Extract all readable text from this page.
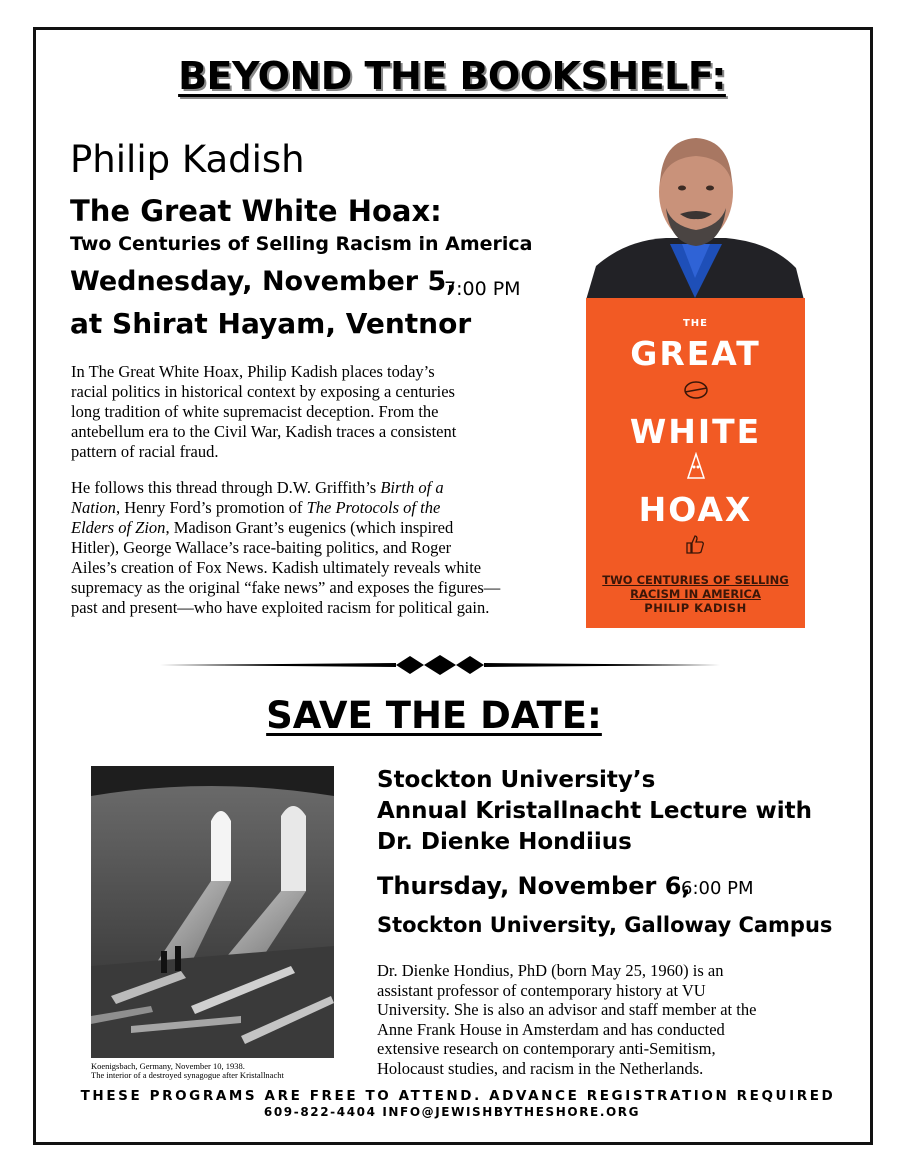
BEYOND THE BOOKSHELF:
Philip Kadish
The Great White Hoax:
Two Centuries of Selling Racism in America
Wednesday, November 5,
7:00 PM
at Shirat Hayam, Ventnor
In The Great White Hoax, Philip Kadish places today’s
racial politics in historical context by exposing a centuries
long tradition of white supremacist deception. From the
antebellum era to the Civil War, Kadish traces a consistent
pattern of racial fraud.
He follows this thread through D.W. Griffith’s Birth of a
Nation, Henry Ford’s promotion of The Protocols of the
Elders of Zion, Madison Grant’s eugenics (which inspired
Hitler), George Wallace’s race-baiting politics, and Roger
Ailes’s creation of Fox News. Kadish ultimately reveals white
supremacy as the original “fake news” and exposes the figures—
past and present—who have exploited racism for political gain.
THE
GREAT
WHITE
HOAX
TWO CENTURIES OF SELLING
RACISM IN AMERICA
PHILIP KADISH
SAVE THE DATE:
Koenigsbach, Germany, November 10, 1938.
The interior of a destroyed synagogue after Kristallnacht
Stockton University’s
Annual Kristallnacht Lecture with
Dr. Dienke Hondiius
Thursday, November 6,
6:00 PM
Stockton University, Galloway Campus
Dr. Dienke Hondius, PhD (born May 25, 1960) is an
assistant professor of contemporary history at VU
University. She is also an advisor and staff member at the
Anne Frank House in Amsterdam and has conducted
extensive research on contemporary anti-Semitism,
Holocaust studies, and racism in the Netherlands.
THESE PROGRAMS ARE FREE TO ATTEND. ADVANCE REGISTRATION REQUIRED
609-822-4404 INFO@JEWISHBYTHESHORE.ORG
